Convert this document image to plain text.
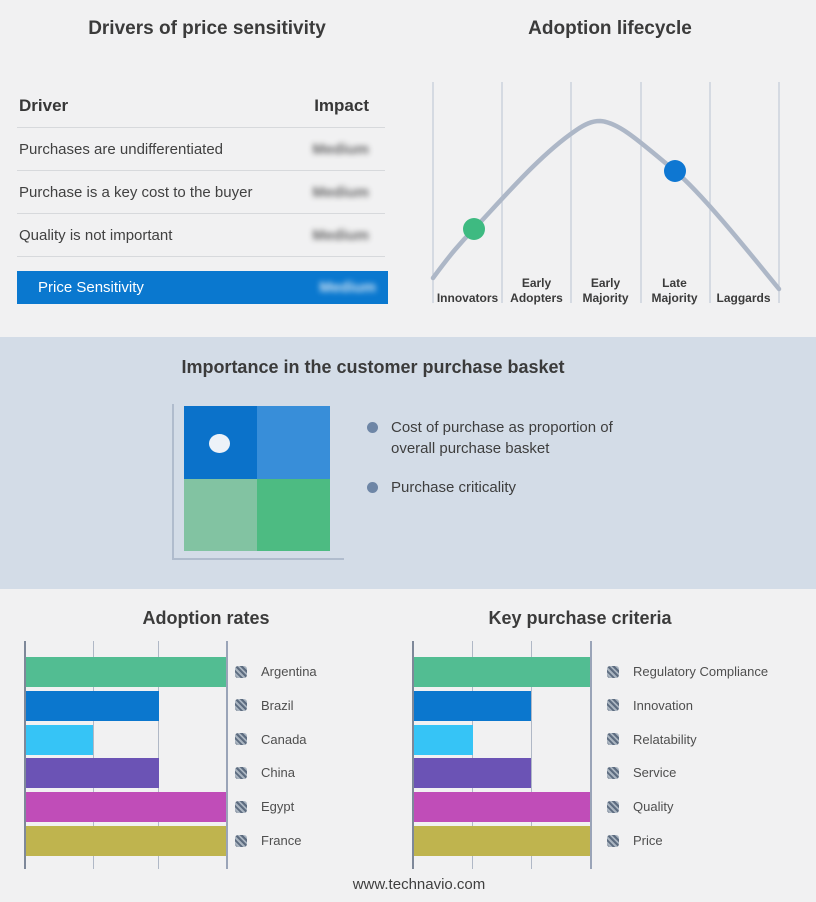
Drivers of price sensitivity
Driver	Impact
Purchases are undifferentiated	Medium
Purchase is a key cost to the buyer	Medium
Quality is not important	Medium
Price Sensitivity	Medium
Adoption lifecycle
Innovators
Early Adopters
Early Majority
Late Majority	Laggards
Importance in the customer purchase basket
Cost of purchase as proportion of overall purchase basket
Purchase criticality
Adoption rates	Key purchase criteria
Argentina
Brazil
Canada
China
Egypt
France
Regulatory Compliance
Innovation
Relatability
Service
Quality
Price
www.technavio.com
